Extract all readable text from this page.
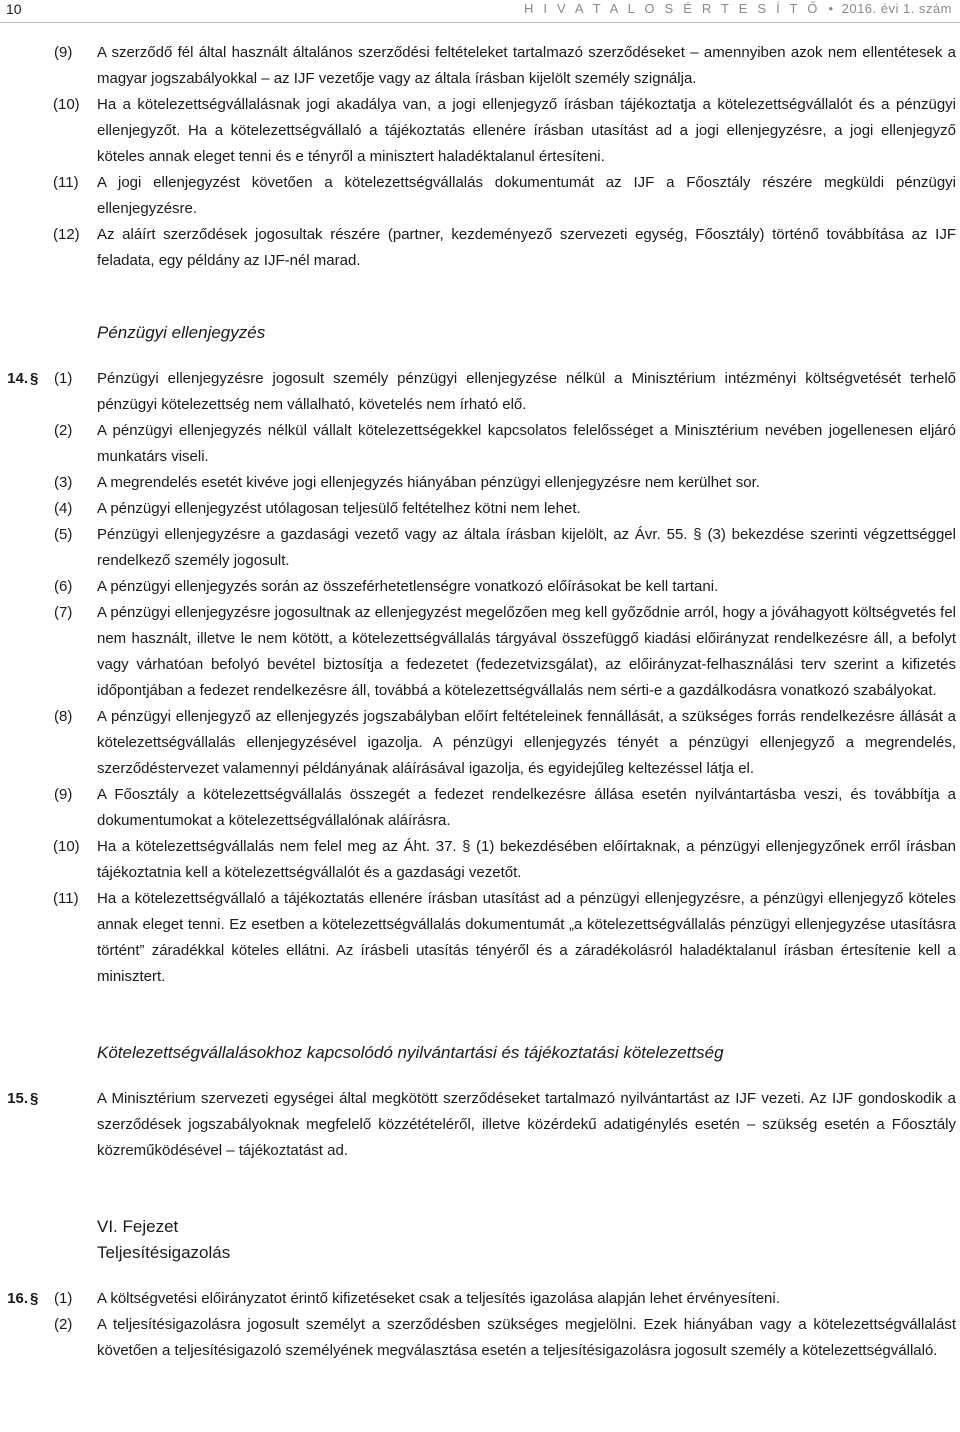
10	H I V A T A L O S É R T E S Í T Ő • 2016. évi 1. szám
(9)	A szerződő fél által használt általános szerződési feltételeket tartalmazó szerződéseket – amennyiben azok nem ellentétesek a magyar jogszabályokkal – az IJF vezetője vagy az általa írásban kijelölt személy szignálja.
(10)	Ha a kötelezettségvállalásnak jogi akadálya van, a jogi ellenjegyző írásban tájékoztatja a kötelezettségvállalót és a pénzügyi ellenjegyzőt. Ha a kötelezettségvállaló a tájékoztatás ellenére írásban utasítást ad a jogi ellenjegyzésre, a jogi ellenjegyző köteles annak eleget tenni és e tényről a minisztert haladéktalanul értesíteni.
(11)	A jogi ellenjegyzést követően a kötelezettségvállalás dokumentumát az IJF a Főosztály részére megküldi pénzügyi ellenjegyzésre.
(12)	Az aláírt szerződések jogosultak részére (partner, kezdeményező szervezeti egység, Főosztály) történő továbbítása az IJF feladata, egy példány az IJF-nél marad.
Pénzügyi ellenjegyzés
14. § (1)	Pénzügyi ellenjegyzésre jogosult személy pénzügyi ellenjegyzése nélkül a Minisztérium intézményi költségvetését terhelő pénzügyi kötelezettség nem vállalható, követelés nem írható elő.
(2)	A pénzügyi ellenjegyzés nélkül vállalt kötelezettségekkel kapcsolatos felelősséget a Minisztérium nevében jogellenesen eljáró munkatárs viseli.
(3)	A megrendelés esetét kivéve jogi ellenjegyzés hiányában pénzügyi ellenjegyzésre nem kerülhet sor.
(4)	A pénzügyi ellenjegyzést utólagosan teljesülő feltételhez kötni nem lehet.
(5)	Pénzügyi ellenjegyzésre a gazdasági vezető vagy az általa írásban kijelölt, az Ávr. 55. § (3) bekezdése szerinti végzettséggel rendelkező személy jogosult.
(6)	A pénzügyi ellenjegyzés során az összeférhetetlenségre vonatkozó előírásokat be kell tartani.
(7)	A pénzügyi ellenjegyzésre jogosultnak az ellenjegyzést megelőzően meg kell győződnie arról, hogy a jóváhagyott költségvetés fel nem használt, illetve le nem kötött, a kötelezettségvállalás tárgyával összefüggő kiadási előirányzat rendelkezésre áll, a befolyt vagy várhatóan befolyó bevétel biztosítja a fedezetet (fedezetvizsgálat), az előirányzat-felhasználási terv szerint a kifizetés időpontjában a fedezet rendelkezésre áll, továbbá a kötelezettségvállalás nem sérti-e a gazdálkodásra vonatkozó szabályokat.
(8)	A pénzügyi ellenjegyző az ellenjegyzés jogszabályban előírt feltételeinek fennállását, a szükséges forrás rendelkezésre állását a kötelezettségvállalás ellenjegyzésével igazolja. A pénzügyi ellenjegyzés tényét a pénzügyi ellenjegyző a megrendelés, szerződéstervezet valamennyi példányának aláírásával igazolja, és egyidejűleg keltezéssel látja el.
(9)	A Főosztály a kötelezettségvállalás összegét a fedezet rendelkezésre állása esetén nyilvántartásba veszi, és továbbítja a dokumentumokat a kötelezettségvállalónak aláírásra.
(10)	Ha a kötelezettségvállalás nem felel meg az Áht. 37. § (1) bekezdésében előírtaknak, a pénzügyi ellenjegyzőnek erről írásban tájékoztatnia kell a kötelezettségvállalót és a gazdasági vezetőt.
(11)	Ha a kötelezettségvállaló a tájékoztatás ellenére írásban utasítást ad a pénzügyi ellenjegyzésre, a pénzügyi ellenjegyző köteles annak eleget tenni. Ez esetben a kötelezettségvállalás dokumentumát „a kötelezettségvállalás pénzügyi ellenjegyzése utasításra történt” záradékkal köteles ellátni. Az írásbeli utasítás tényéről és a záradékolásról haladéktalanul írásban értesítenie kell a minisztert.
Kötelezettségvállalásokhoz kapcsolódó nyilvántartási és tájékoztatási kötelezettség
15. §	A Minisztérium szervezeti egységei által megkötött szerződéseket tartalmazó nyilvántartást az IJF vezeti. Az IJF gondoskodik a szerződések jogszabályoknak megfelelő közzétételéről, illetve közérdekű adatigénylés esetén – szükség esetén a Főosztály közreműködésével – tájékoztatást ad.
VI. Fejezet
Teljesítésigazolás
16. § (1)	A költségvetési előirányzatot érintő kifizetéseket csak a teljesítés igazolása alapján lehet érvényesíteni.
(2)	A teljesítésigazolásra jogosult személyt a szerződésben szükséges megjelölni. Ezek hiányában vagy a kötelezettségvállalást követően a teljesítésigazoló személyének megválasztása esetén a teljesítésigazolásra jogosult személy a kötelezettségvállaló.
